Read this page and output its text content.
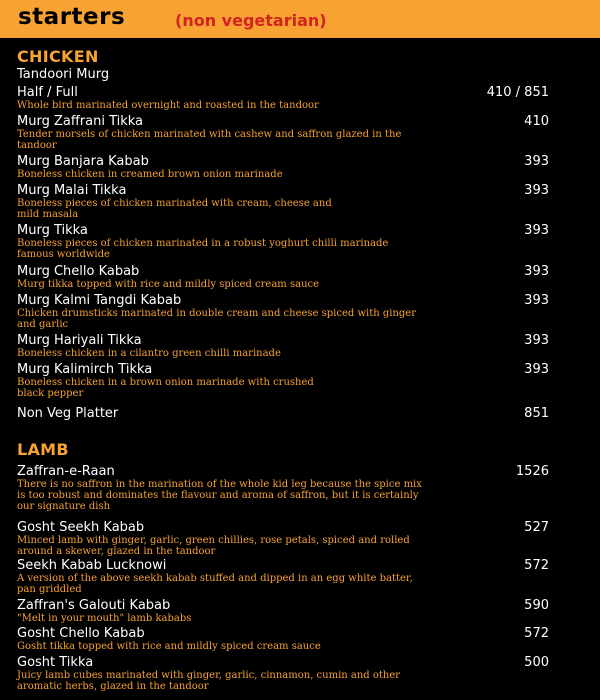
starters	(non vegetarian)
CHICKEN
Tandoori Murg
Half / Full
Whole bird marinated overnight and roasted in the tandoor
410 / 851
Murg Zaffrani Tikka
Tender morsels of chicken marinated with cashew and saffron glazed in the tandoor
410
Murg Banjara Kabab
Boneless chicken in creamed brown onion marinade
393
Murg Malai Tikka
Boneless pieces of chicken marinated with cream, cheese and mild masala
393
Murg Tikka
Boneless pieces of chicken marinated in a robust yoghurt chilli marinade famous worldwide
393
Murg Chello Kabab
Murg tikka topped with rice and mildly spiced cream sauce
393
Murg Kalmi Tangdi Kabab
Chicken drumsticks marinated in double cream and cheese spiced with ginger and garlic
393
Murg Hariyali Tikka
Boneless chicken in a cilantro green chilli marinade
393
Murg Kalimirch Tikka
Boneless chicken in a brown onion marinade with crushed black pepper
393
Non Veg Platter	851
LAMB
Zaffran-e-Raan
There is no saffron in the marination of the whole kid leg because the spice mix is too robust and dominates the flavour and aroma of saffron, but it is certainly our signature dish
1526
Gosht Seekh Kabab
Minced lamb with ginger, garlic, green chillies, rose petals, spiced and rolled around a skewer, glazed in the tandoor
527
Seekh Kabab Lucknowi
A version of the above seekh kabab stuffed and dipped in an egg white batter, pan griddled
572
Zaffran's Galouti Kabab
"Melt in your mouth" lamb kababs
590
Gosht Chello Kabab
Gosht tikka topped with rice and mildly spiced cream sauce
572
Gosht Tikka
Juicy lamb cubes marinated with ginger, garlic, cinnamon, cumin and other aromatic herbs, glazed in the tandoor
500
